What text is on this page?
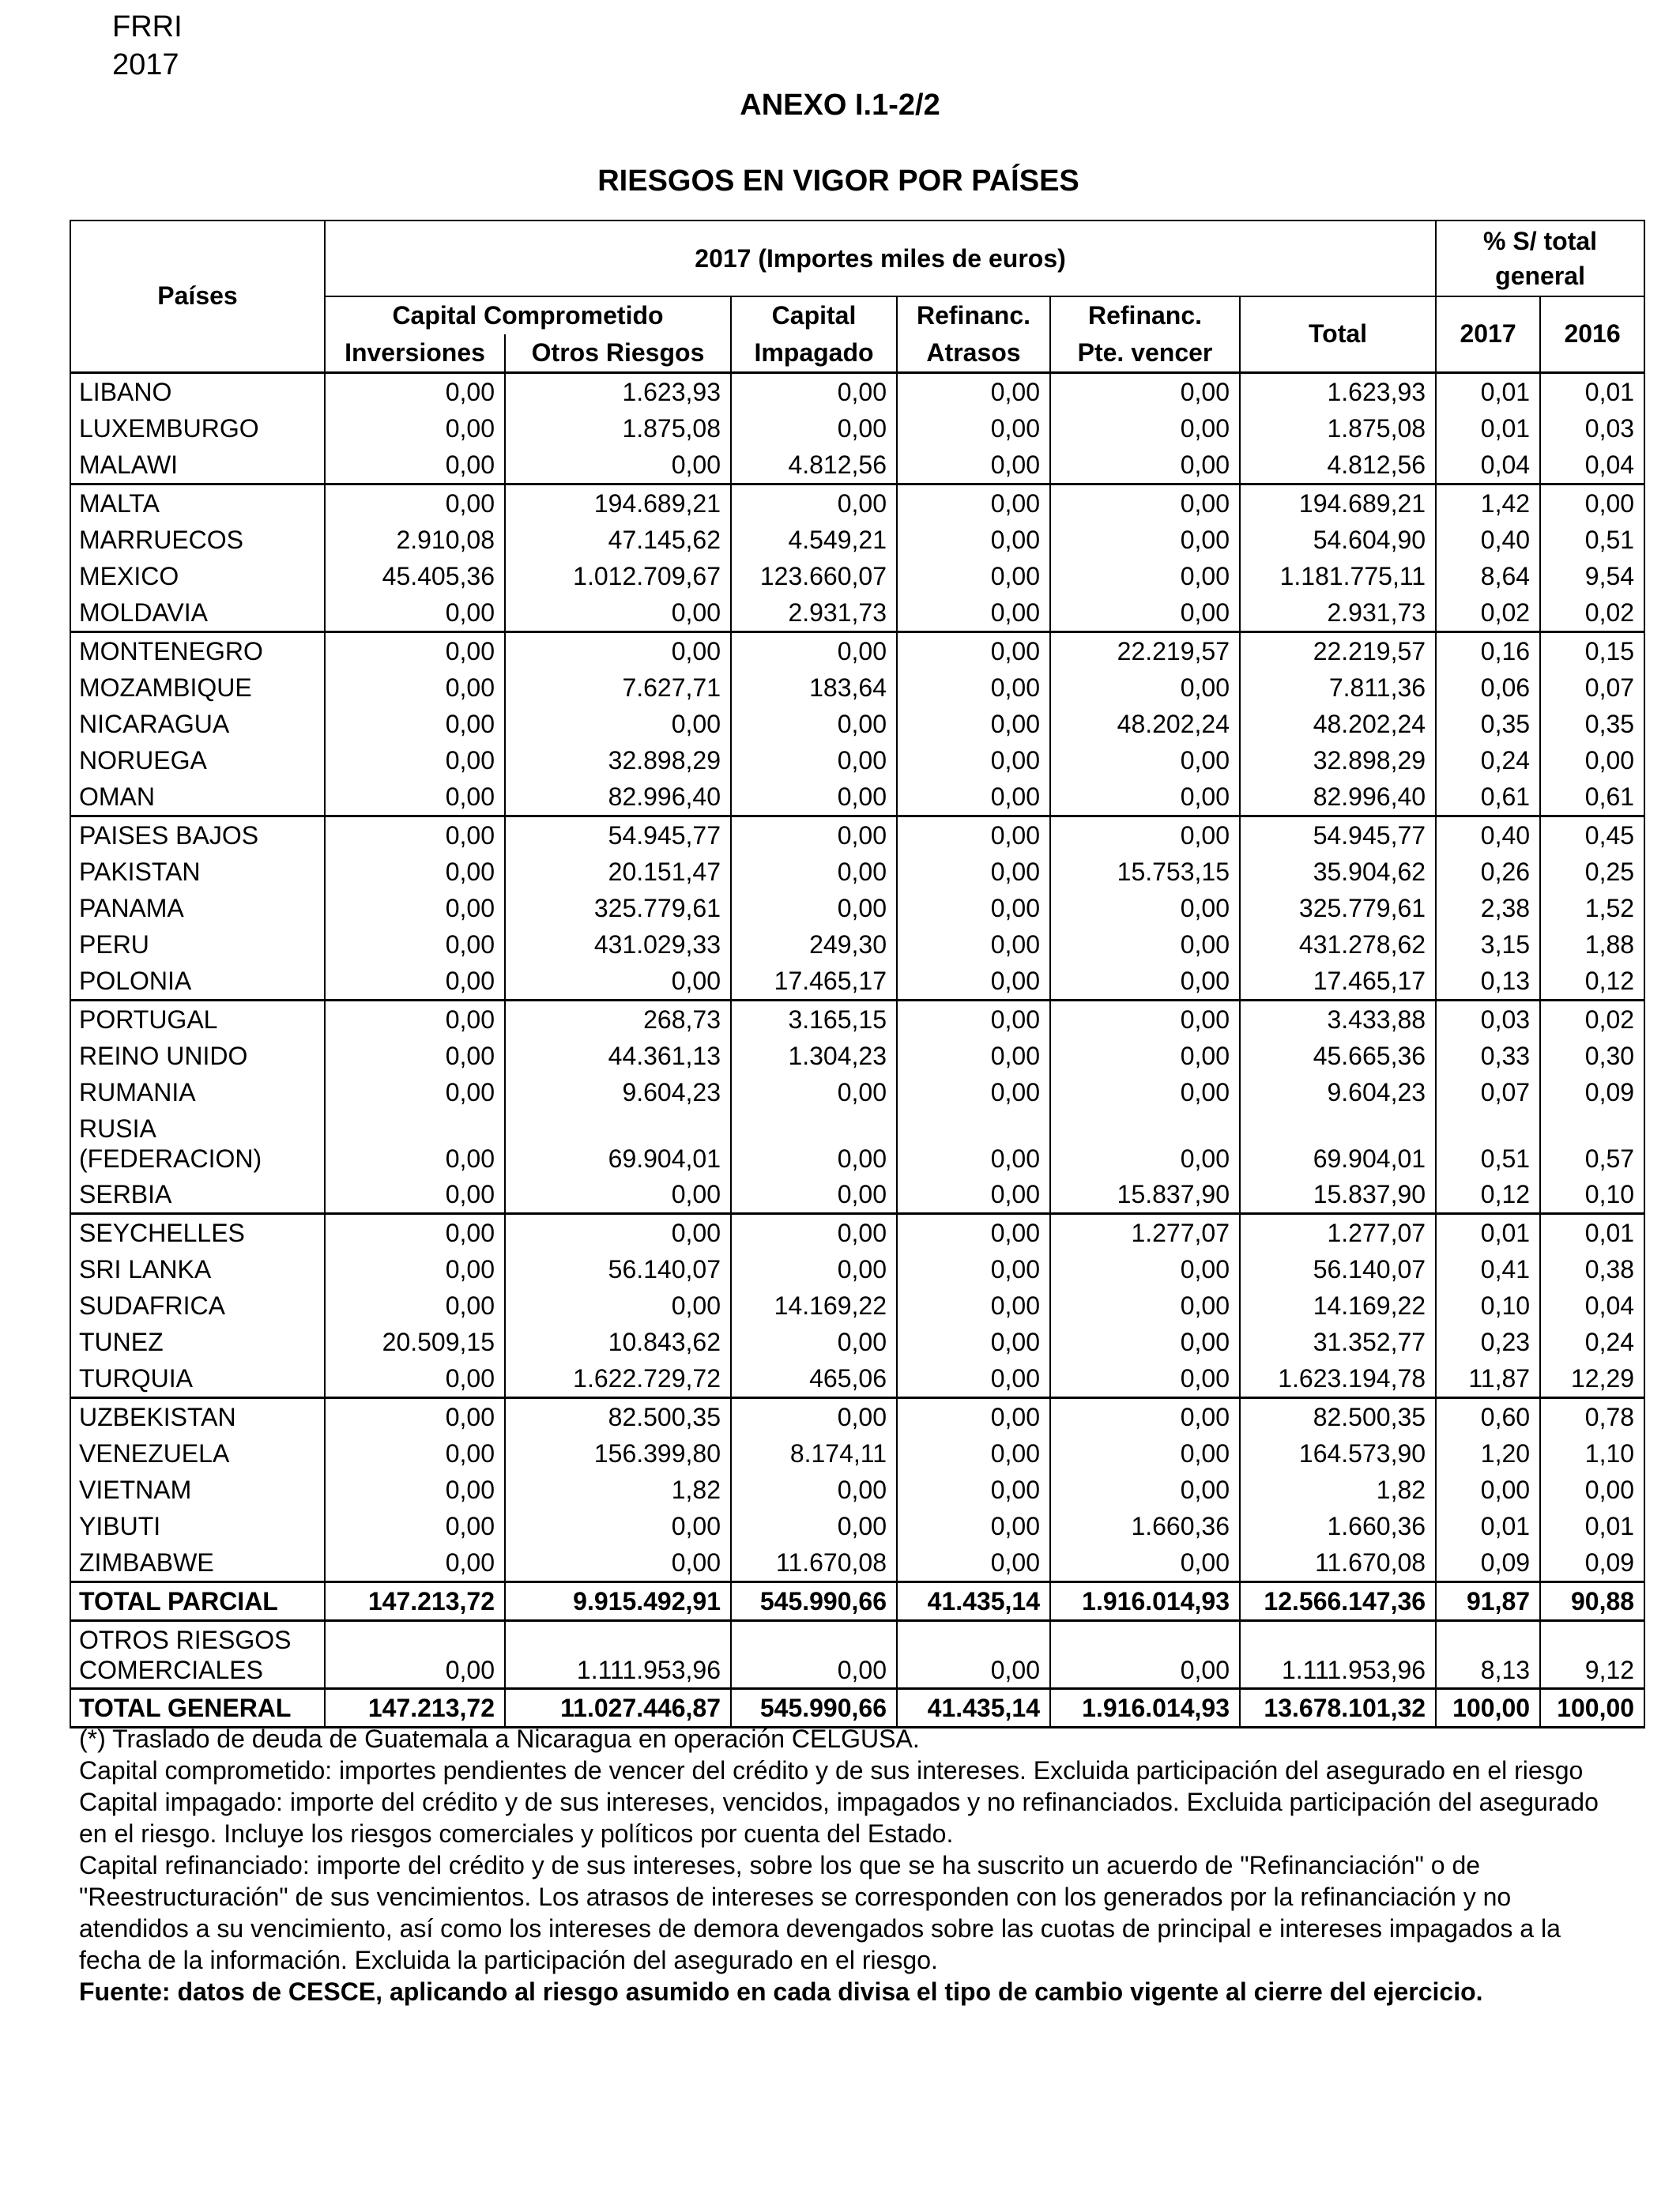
FRRI
2017
ANEXO I.1-2/2
RIESGOS EN VIGOR POR PAÍSES
Países	2017 (Importes miles de euros)						% S/ total general	
	Capital Comprometido		Capital	Refinanc.	Refinanc.	Total	2017	2016
	Inversiones	Otros Riesgos	Impagado	Atrasos	Pte. vencer			
LIBANO	0,00	1.623,93	0,00	0,00	0,00	1.623,93	0,01	0,01
LUXEMBURGO	0,00	1.875,08	0,00	0,00	0,00	1.875,08	0,01	0,03
MALAWI	0,00	0,00	4.812,56	0,00	0,00	4.812,56	0,04	0,04
MALTA	0,00	194.689,21	0,00	0,00	0,00	194.689,21	1,42	0,00
MARRUECOS	2.910,08	47.145,62	4.549,21	0,00	0,00	54.604,90	0,40	0,51
MEXICO	45.405,36	1.012.709,67	123.660,07	0,00	0,00	1.181.775,11	8,64	9,54
MOLDAVIA	0,00	0,00	2.931,73	0,00	0,00	2.931,73	0,02	0,02
MONTENEGRO	0,00	0,00	0,00	0,00	22.219,57	22.219,57	0,16	0,15
MOZAMBIQUE	0,00	7.627,71	183,64	0,00	0,00	7.811,36	0,06	0,07
NICARAGUA	0,00	0,00	0,00	0,00	48.202,24	48.202,24	0,35	0,35
NORUEGA	0,00	32.898,29	0,00	0,00	0,00	32.898,29	0,24	0,00
OMAN	0,00	82.996,40	0,00	0,00	0,00	82.996,40	0,61	0,61
PAISES BAJOS	0,00	54.945,77	0,00	0,00	0,00	54.945,77	0,40	0,45
PAKISTAN	0,00	20.151,47	0,00	0,00	15.753,15	35.904,62	0,26	0,25
PANAMA	0,00	325.779,61	0,00	0,00	0,00	325.779,61	2,38	1,52
PERU	0,00	431.029,33	249,30	0,00	0,00	431.278,62	3,15	1,88
POLONIA	0,00	0,00	17.465,17	0,00	0,00	17.465,17	0,13	0,12
PORTUGAL	0,00	268,73	3.165,15	0,00	0,00	3.433,88	0,03	0,02
REINO UNIDO	0,00	44.361,13	1.304,23	0,00	0,00	45.665,36	0,33	0,30
RUMANIA	0,00	9.604,23	0,00	0,00	0,00	9.604,23	0,07	0,09
RUSIA (FEDERACION)	0,00	69.904,01	0,00	0,00	0,00	69.904,01	0,51	0,57
SERBIA	0,00	0,00	0,00	0,00	15.837,90	15.837,90	0,12	0,10
SEYCHELLES	0,00	0,00	0,00	0,00	1.277,07	1.277,07	0,01	0,01
SRI LANKA	0,00	56.140,07	0,00	0,00	0,00	56.140,07	0,41	0,38
SUDAFRICA	0,00	0,00	14.169,22	0,00	0,00	14.169,22	0,10	0,04
TUNEZ	20.509,15	10.843,62	0,00	0,00	0,00	31.352,77	0,23	0,24
TURQUIA	0,00	1.622.729,72	465,06	0,00	0,00	1.623.194,78	11,87	12,29
UZBEKISTAN	0,00	82.500,35	0,00	0,00	0,00	82.500,35	0,60	0,78
VENEZUELA	0,00	156.399,80	8.174,11	0,00	0,00	164.573,90	1,20	1,10
VIETNAM	0,00	1,82	0,00	0,00	0,00	1,82	0,00	0,00
YIBUTI	0,00	0,00	0,00	0,00	1.660,36	1.660,36	0,01	0,01
ZIMBABWE	0,00	0,00	11.670,08	0,00	0,00	11.670,08	0,09	0,09
TOTAL PARCIAL	147.213,72	9.915.492,91	545.990,66	41.435,14	1.916.014,93	12.566.147,36	91,87	90,88
OTROS RIESGOS COMERCIALES	0,00	1.111.953,96	0,00	0,00	0,00	1.111.953,96	8,13	9,12
TOTAL GENERAL	147.213,72	11.027.446,87	545.990,66	41.435,14	1.916.014,93	13.678.101,32	100,00	100,00

(*) Traslado de deuda de Guatemala a Nicaragua en operación CELGUSA.

Capital comprometido: importes pendientes de vencer del crédito y de sus intereses. Excluida participación del asegurado en el riesgo

Capital impagado: importe del crédito y de sus intereses, vencidos, impagados y no refinanciados. Excluida participación del asegurado en el riesgo. Incluye los riesgos comerciales y políticos por cuenta del Estado.

Capital refinanciado: importe del crédito y de sus intereses, sobre los que se ha suscrito un acuerdo de "Refinanciación" o de "Reestructuración" de sus vencimientos. Los atrasos de intereses se corresponden con los generados por la refinanciación y no atendidos a su vencimiento, así como los intereses de demora devengados sobre las cuotas de principal e intereses impagados a la fecha de la información. Excluida la participación del asegurado en el riesgo.

Fuente: datos de CESCE, aplicando al riesgo asumido en cada divisa el tipo de cambio vigente al cierre del ejercicio.
